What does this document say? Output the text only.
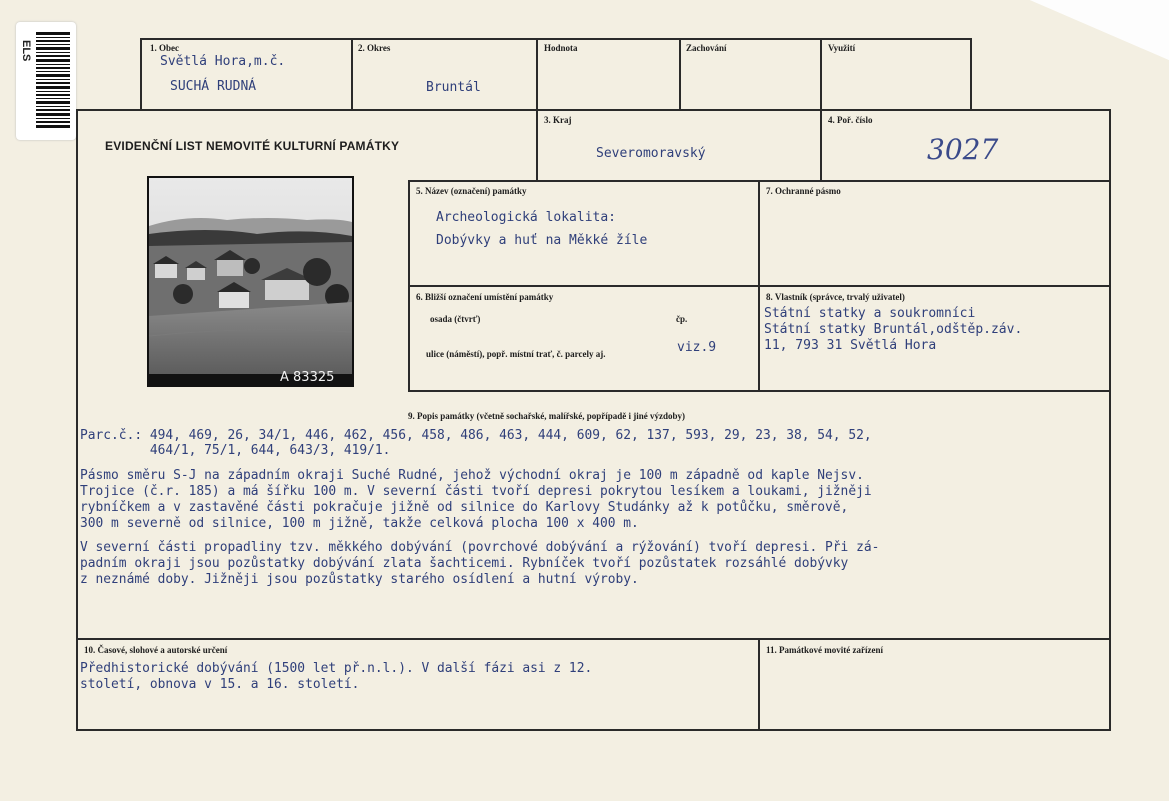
ELS	1. Obec
Světlá Hora,m.č.
SUCHÁ RUDNÁ
2. Okres
Bruntál
Hodnota	Zachování	Využití
EVIDENČNÍ LIST NEMOVITÉ KULTURNÍ PAMÁTKY
3. Kraj
Severomoravský
4. Poř. číslo
3027
A 83325
5. Název (označení) památky
Archeologická lokalita:
Dobývky a huť na Měkké žíle
7. Ochranné pásmo
6. Bližší označení umístění památky
osada (čtvrť)	čp.
ulice (náměstí), popř. místní trať, č. parcely aj.	viz.9
8. Vlastník (správce, trvalý uživatel)
Státní statky a soukromníci
Státní statky Bruntál,odštěp.záv.
11, 793 31 Světlá Hora
9. Popis památky (včetně sochařské, malířské, popřípadě i jiné výzdoby)
Parc.č.: 494, 469, 26, 34/1, 446, 462, 456, 458, 486, 463, 444, 609, 62, 137, 593, 29, 23, 38, 54, 52,
464/1, 75/1, 644, 643/3, 419/1.
Pásmo směru S-J na západním okraji Suché Rudné, jehož východní okraj je 100 m západně od kaple Nejsv.
Trojice (č.r. 185) a má šířku 100 m. V severní části tvoří depresi pokrytou lesíkem a loukami, jižněji
rybníčkem a v zastavěné části pokračuje jižně od silnice do Karlovy Studánky až k potůčku, směrově,
300 m severně od silnice, 100 m jižně, takže celková plocha 100 x 400 m.
V severní části propadliny tzv. měkkého dobývání (povrchové dobývání a rýžování) tvoří depresi. Při zá-
padním okraji jsou pozůstatky dobývání zlata šachticemi. Rybníček tvoří pozůstatek rozsáhlé dobývky
z neznámé doby. Jižněji jsou pozůstatky starého osídlení a hutní výroby.
10. Časové, slohové a autorské určení
Předhistorické dobývání (1500 let př.n.l.). V další fázi asi z 12.
století, obnova v 15. a 16. století.
11. Památkové movité zařízení
